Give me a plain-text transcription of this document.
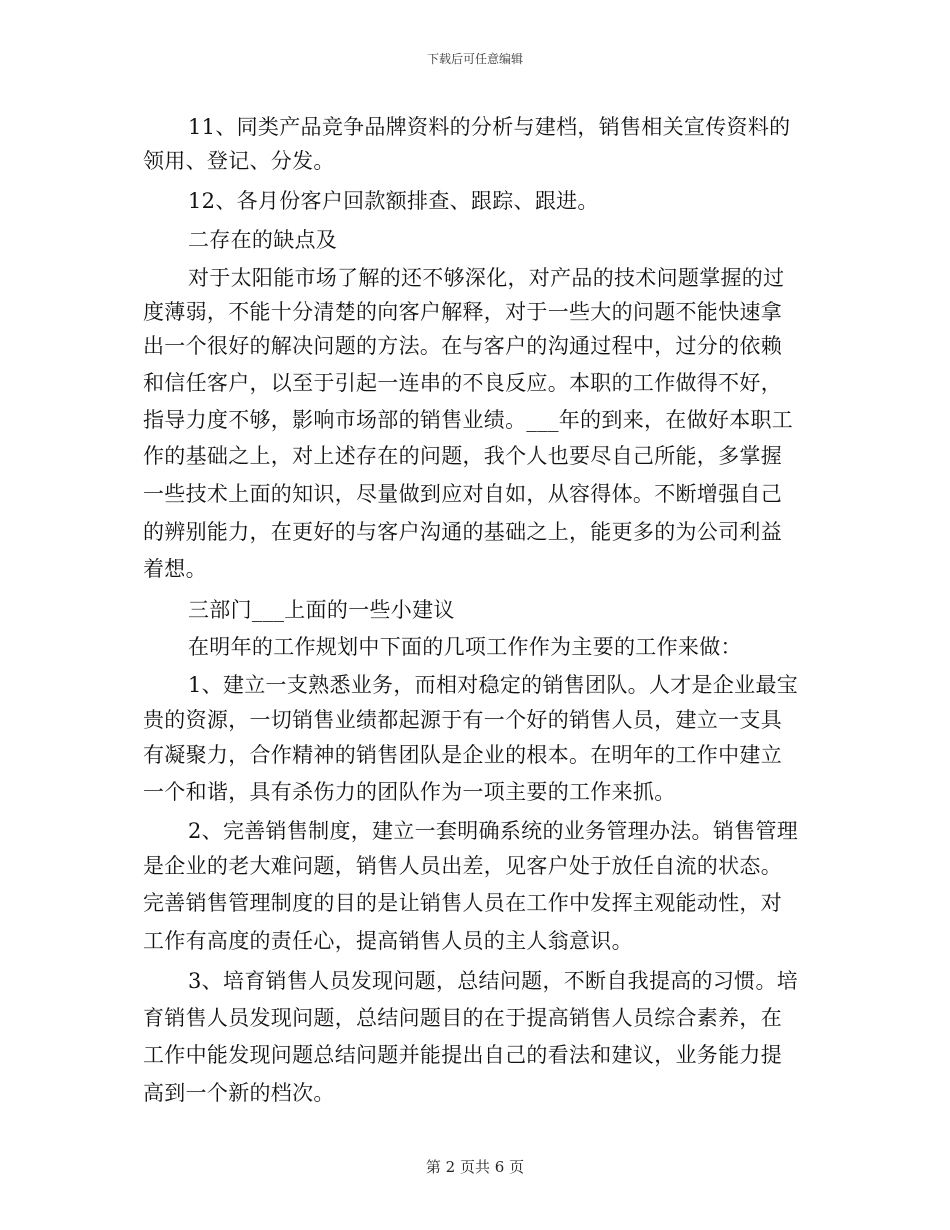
下载后可任意编辑
11、同类产品竞争品牌资料的分析与建档，销售相关宣传资料的
领用、登记、分发。
12、各月份客户回款额排查、跟踪、跟进。
二存在的缺点及
对于太阳能市场了解的还不够深化，对产品的技术问题掌握的过
度薄弱，不能十分清楚的向客户解释，对于一些大的问题不能快速拿
出一个很好的解决问题的方法。在与客户的沟通过程中，过分的依赖
和信任客户，以至于引起一连串的不良反应。本职的工作做得不好，
指导力度不够，影响市场部的销售业绩。___年的到来，在做好本职工
作的基础之上，对上述存在的问题，我个人也要尽自己所能，多掌握
一些技术上面的知识，尽量做到应对自如，从容得体。不断增强自己
的辨别能力，在更好的与客户沟通的基础之上，能更多的为公司利益
着想。
三部门___上面的一些小建议
在明年的工作规划中下面的几项工作作为主要的工作来做：
1、建立一支熟悉业务，而相对稳定的销售团队。人才是企业最宝
贵的资源，一切销售业绩都起源于有一个好的销售人员，建立一支具
有凝聚力，合作精神的销售团队是企业的根本。在明年的工作中建立
一个和谐，具有杀伤力的团队作为一项主要的工作来抓。
2、完善销售制度，建立一套明确系统的业务管理办法。销售管理
是企业的老大难问题，销售人员出差，见客户处于放任自流的状态。
完善销售管理制度的目的是让销售人员在工作中发挥主观能动性，对
工作有高度的责任心，提高销售人员的主人翁意识。
3、培育销售人员发现问题，总结问题，不断自我提高的习惯。培
育销售人员发现问题，总结问题目的在于提高销售人员综合素养，在
工作中能发现问题总结问题并能提出自己的看法和建议，业务能力提
高到一个新的档次。
第 2 页共 6 页
